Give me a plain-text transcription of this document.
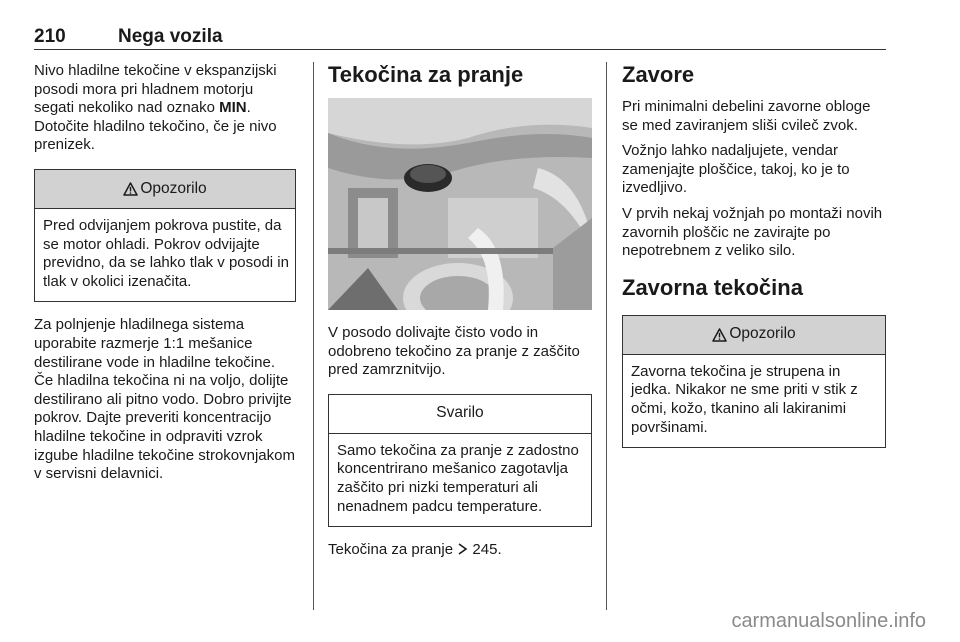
210	Nega vozila

Nivo hladilne tekočine v ekspanzijski posodi mora pri hladnem motorju segati nekoliko nad oznako MIN. Dotočite hladilno tekočino, če je nivo prenizek.

Opozorilo
Pred odvijanjem pokrova pustite, da se motor ohladi. Pokrov odvijajte previdno, da se lahko tlak v posodi in tlak v okolici izenačita.

Za polnjenje hladilnega sistema uporabite razmerje 1:1 mešanice destilirane vode in hladilne tekočine. Če hladilna tekočina ni na voljo, dolijte destilirano ali pitno vodo. Dobro privijte pokrov. Dajte preveriti koncentracijo hladilne tekočine in odpraviti vzrok izgube hladilne tekočine strokovnjakom v servisni delavnici.

Tekočina za pranje

V posodo dolivajte čisto vodo in odobreno tekočino za pranje z zaščito pred zamrznitvijo.

Svarilo
Samo tekočina za pranje z zadostno koncentrirano mešanico zagotavlja zaščito pri nizki temperaturi ali nenadnem padcu temperature.

Tekočina za pranje 245.

Zavore

Pri minimalni debelini zavorne obloge se med zaviranjem sliši cvileč zvok.

Vožnjo lahko nadaljujete, vendar zamenjajte ploščice, takoj, ko je to izvedljivo.

V prvih nekaj vožnjah po montaži novih zavornih ploščic ne zavirajte po nepotrebnem z veliko silo.

Zavorna tekočina
Opozorilo
Zavorna tekočina je strupena in jedka. Nikakor ne sme priti v stik z očmi, kožo, tkanino ali lakiranimi površinami.
carmanualsonline.info
